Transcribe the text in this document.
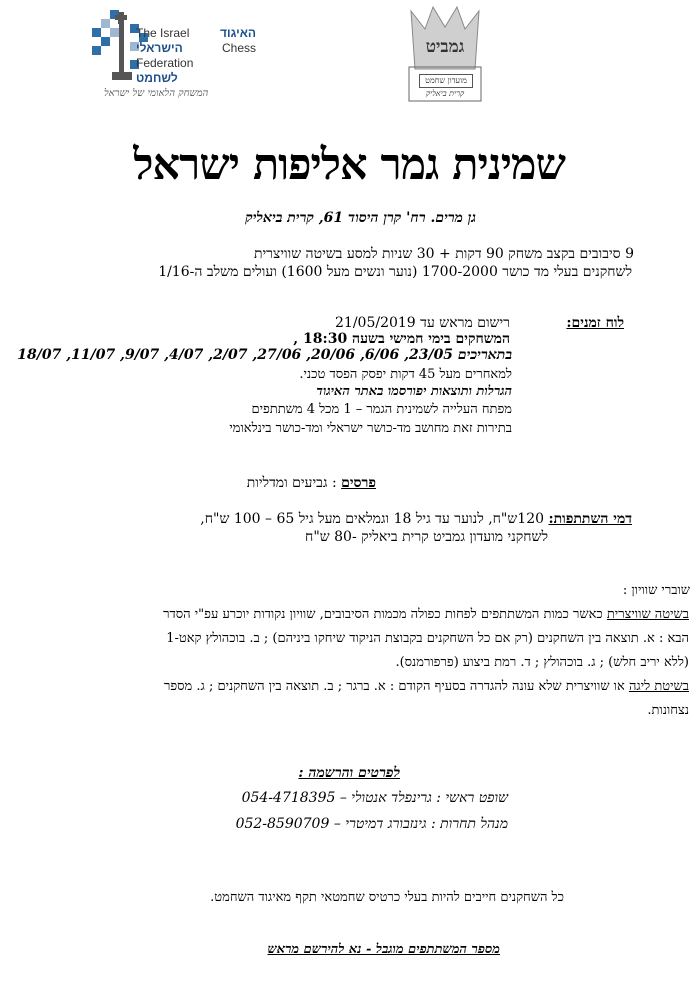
The Israel	האיגוד
הישראלי	Chess
Federation
לשחמט
המשחק הלאומי של ישראל
גמביט
מועדון שחמט
קרית ביאליק
שמינית גמר אליפות ישראל
גן מרים. רח' קרן היסוד 61, קרית ביאליק
9 סיבובים בקצב משחק 90 דקות + 30 שניות למסע בשיטה שוויצרית
לשחקנים בעלי מד כושר 1700-2000 (נוער ונשים מעל 1600) ועולים משלב ה-1/16
לוח זמנים:
רישום מראש עד 21/05/2019
המשחקים בימי חמישי בשעה 18:30 ,
בתאריכים 23/05, 6/06, 20/06, 27/06, 2/07, 4/07, 9/07, 11/07, 18/07
למאחרים מעל 45 דקות יפסק הפסד טכני.
הגרלות ותוצאות יפורסמו באתר האיגוד
מפתח העלייה לשמינית הגמר – 1 מכל 4 משתתפים
בתירות זאת מחושב מד-כושר ישראלי ומד-כושר בינלאומי
פרסים : גביעים ומדליות
דמי השתתפות: 120ש"ח, לנוער עד גיל 18 וגמלאים מעל גיל 65 – 100 ש"ח,
לשחקני מועדון גמביט קרית ביאליק -80 ש"ח
שוברי שוויון :
בשיטה שוויצרית כאשר כמות המשתתפים לפחות כפולה מכמות הסיבובים, שוויון נקודות יוכרע עפ"י הסדר
הבא : א. תוצאה בין השחקנים (רק אם כל השחקנים בקבוצת הניקוד שיחקו ביניהם) ; ב. בוכהולץ קאט-1
(ללא יריב חלש) ; ג. בוכהולץ ; ד. רמת ביצוע (פרפורמנס).
בשיטת ליגה או שוויצרית שלא עונה להגדרה בסעיף הקודם : א. ברגר ; ב. תוצאה בין השחקנים ; ג. מספר
נצחונות.
לפרטים והרשמה :
שופט ראשי : גרינפלד אנטולי – 054-4718395
מנהל תחרות : גינזבורג דמיטרי – 052-8590709
כל השחקנים חייבים להיות בעלי כרטיס שחמטאי תקף מאיגוד השחמט.
מספר המשתתפים מוגבל - נא להירשם מראש
